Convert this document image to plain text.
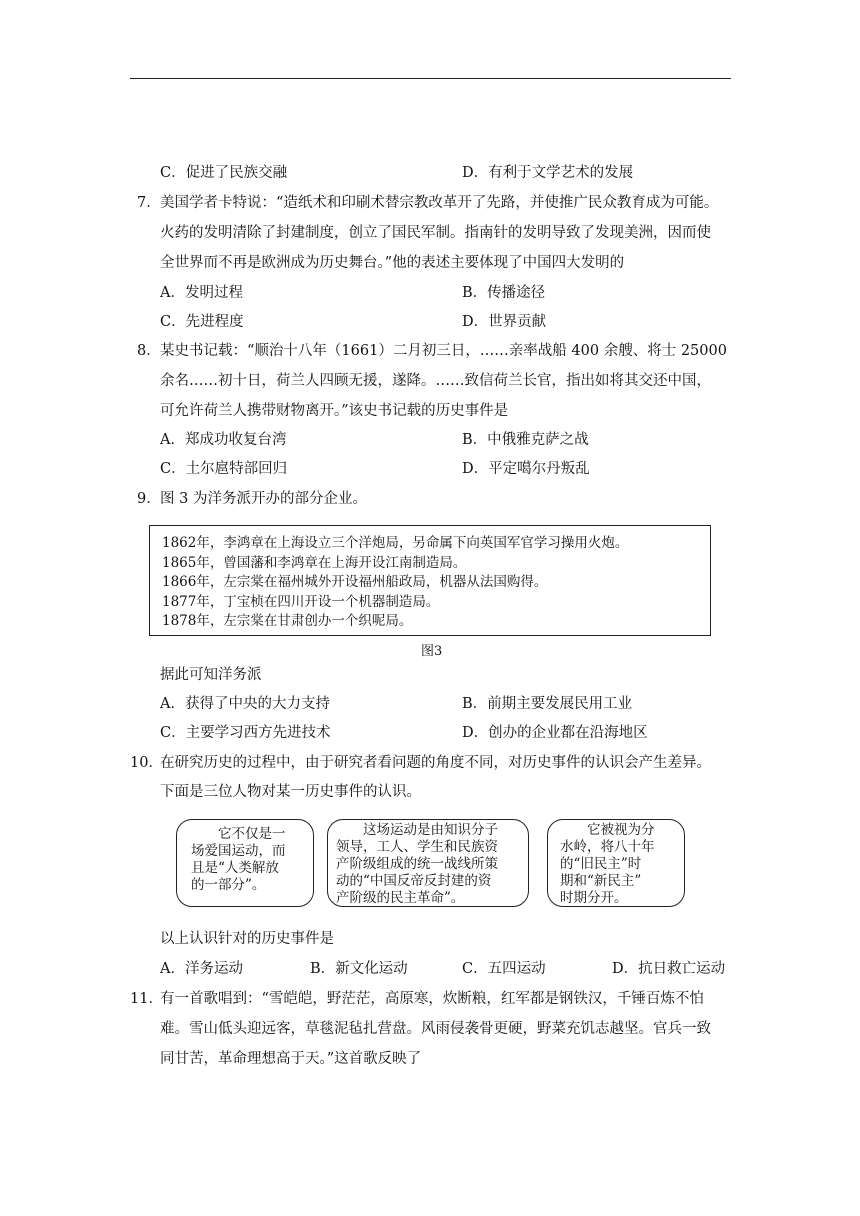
C．促进了民族交融	D．有利于文学艺术的发展
7． 美国学者卡特说：“造纸术和印刷术替宗教改革开了先路，并使推广民众教育成为可能。
火药的发明清除了封建制度，创立了国民军制。指南针的发明导致了发现美洲，因而使
全世界而不再是欧洲成为历史舞台。”他的表述主要体现了中国四大发明的
A．发明过程	B．传播途径
C．先进程度	D．世界贡献
8． 某史书记载：“顺治十八年（1661）二月初三日，……亲率战船 400 余艘、将士 25000
余名……初十日，荷兰人四顾无援，遂降。……致信荷兰长官，指出如将其交还中国，
可允许荷兰人携带财物离开。”该史书记载的历史事件是
A．郑成功收复台湾	B．中俄雅克萨之战
C．土尔扈特部回归	D．平定噶尔丹叛乱
9． 图 3 为洋务派开办的部分企业。
1862年，李鸿章在上海设立三个洋炮局，另命属下向英国军官学习操用火炮。
1865年，曾国藩和李鸿章在上海开设江南制造局。
1866年，左宗棠在福州城外开设福州船政局，机器从法国购得。
1877年，丁宝桢在四川开设一个机器制造局。
1878年，左宗棠在甘肃创办一个织呢局。
图3
据此可知洋务派
A．获得了中央的大力支持	B．前期主要发展民用工业
C．主要学习西方先进技术	D．创办的企业都在沿海地区
10．
在研究历史的过程中，由于研究者看问题的角度不同，对历史事件的认识会产生差异。
下面是三位人物对某一历史事件的认识。
　　它不仅是一
场爱国运动，而
且是“人类解放
的一部分”。
　　这场运动是由知识分子
领导，工人、学生和民族资
产阶级组成的统一战线所策
动的“中国反帝反封建的资
产阶级的民主革命”。
　　它被视为分
水岭，将八十年
的“旧民主”时
期和“新民主”
时期分开。
以上认识针对的历史事件是
A．洋务运动	B．新文化运动	C．五四运动	D．抗日救亡运动
11．
有一首歌唱到：“雪皑皑，野茫茫，高原寒，炊断粮，红军都是钢铁汉，千锤百炼不怕
难。雪山低头迎远客，草毯泥毡扎营盘。风雨侵袭骨更硬，野菜充饥志越坚。官兵一致
同甘苦，革命理想高于天。”这首歌反映了
